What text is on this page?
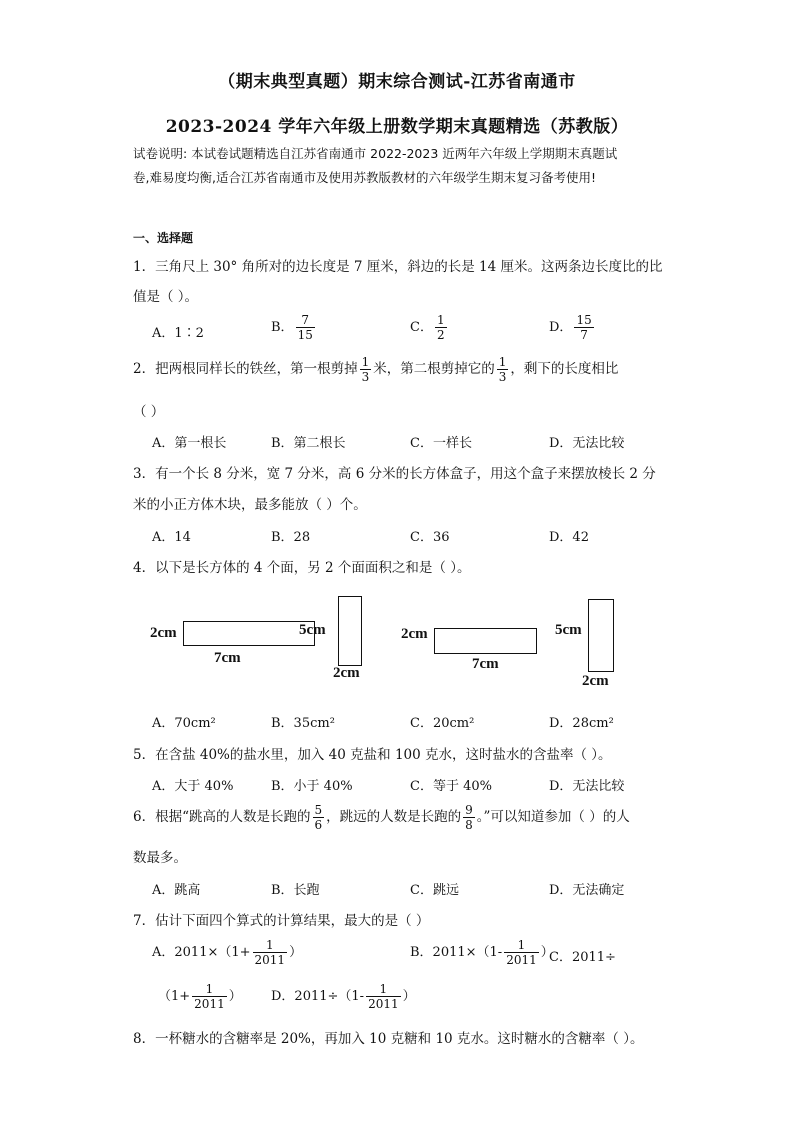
（期末典型真题）期末综合测试-江苏省南通市
2023-2024 学年六年级上册数学期末真题精选（苏教版）
试卷说明: 本试卷试题精选自江苏省南通市 2022-2023 近两年六年级上学期期末真题试
卷,难易度均衡,适合江苏省南通市及使用苏教版教材的六年级学生期末复习备考使用!
一、选择题
1．三角尺上 30° 角所对的边长度是 7 厘米，斜边的长是 14 厘米。这两条边长度比的比
值是（ ）。
A．1∶2	B． $\frac{7}{15}$	C． $\frac{1}{2}$	D． $\frac{15}{7}$
2．把两根同样长的铁丝，第一根剪掉 $\frac{1}{3}$ 米，第二根剪掉它的 $\frac{1}{3}$ ，剩下的长度相比
（ ）
A．第一根长	B．第二根长	C．一样长	D．无法比较
3．有一个长 8 分米，宽 7 分米，高 6 分米的长方体盒子，用这个盒子来摆放棱长 2 分
米的小正方体木块，最多能放（ ）个。
A．14	B．28	C．36	D．42
4．以下是长方体的 4 个面，另 2 个面面积之和是（ ）。
2cm
7cm
5cm
2cm
2cm
7cm
5cm
2cm
A．70cm²	B．35cm²	C．20cm²	D．28cm²
5．在含盐 40%的盐水里，加入 40 克盐和 100 克水，这时盐水的含盐率（ ）。
A．大于 40%	B．小于 40%	C．等于 40%	D．无法比较
6．根据“跳高的人数是长跑的 $\frac{5}{6}$ ，跳远的人数是长跑的 $\frac{9}{8}$ 。”可以知道参加（ ）的人
数最多。
A．跳高	B．长跑	C．跳远	D．无法确定
7．估计下面四个算式的计算结果，最大的是（ ）
A．$2011\times(1+ \frac{1}{2011}$ ）	B．$2011\times(1- \frac{1}{2011}$ ）
C．2011÷
（$1+ \frac{1}{2011}$ ） D．$2011\div(1- \frac{1}{2011}$ ）
8．一杯糖水的含糖率是 20%，再加入 10 克糖和 10 克水。这时糖水的含糖率（ ）。
